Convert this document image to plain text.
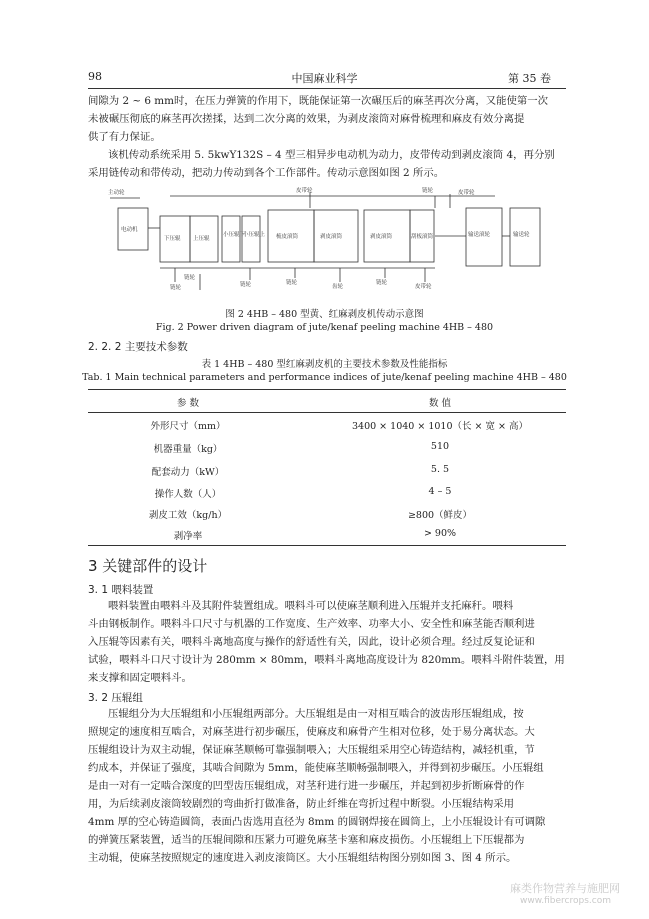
98	中国麻业科学	第 35 卷
间隙为 2 ~ 6 mm时，在压力弹簧的作用下，既能保证第一次碾压后的麻茎再次分离，又能使第一次
未被碾压彻底的麻茎再次搓揉，达到二次分离的效果，为剥皮滚筒对麻骨梳理和麻皮有效分离提
供了有力保证。
该机传动系统采用 5. 5kwY132S – 4 型三相异步电动机为动力，皮带传动到剥皮滚筒 4，再分别
采用链传动和带传动，把动力传动到各个工作部件。传动示意图如图 2 所示。
主动轮
电动机
下压辊 上压辊
小压辊下
小压辊上 梳皮滚筒	剥皮滚筒	剥皮滚筒	刮板滚筒	输送滚轮	输送轮
皮带轮	链轮	皮带轮
链轮
链轮
链轮	链轮
齿轮
链轮
皮带轮
图 2 4HB – 480 型黄、红麻剥皮机传动示意图
Fig. 2 Power driven diagram of jute/kenaf peeling machine 4HB – 480
2. 2. 2 主要技术参数
表 1 4HB – 480 型红麻剥皮机的主要技术参数及性能指标
Tab. 1 Main technical parameters and performance indices of jute/kenaf peeling machine 4HB – 480
参 数	数 值
外形尺寸（mm）	3400 × 1040 × 1010（长 × 宽 × 高）
机器重量（kg）	510
配套动力（kW）	5. 5
操作人数（人）	4 – 5
剥皮工效（kg/h）	≥800（鲜皮）
剥净率	> 90%
3 关键部件的设计
3. 1 喂料装置
喂料装置由喂料斗及其附件装置组成。喂料斗可以使麻茎顺利进入压辊并支托麻秆。喂料
斗由钢板制作。喂料斗口尺寸与机器的工作宽度、生产效率、功率大小、安全性和麻茎能否顺利进
入压辊等因素有关，喂料斗离地高度与操作的舒适性有关，因此，设计必须合理。经过反复论证和
试验，喂料斗口尺寸设计为 280mm × 80mm，喂料斗离地高度设计为 820mm。喂料斗附件装置，用
来支撑和固定喂料斗。
3. 2 压辊组
压辊组分为大压辊组和小压辊组两部分。大压辊组是由一对相互啮合的波齿形压辊组成，按
照规定的速度相互啮合，对麻茎进行初步碾压，使麻皮和麻骨产生相对位移，处于易分离状态。大
压辊组设计为双主动辊，保证麻茎顺畅可靠强制喂入；大压辊组采用空心铸造结构，减轻机重，节
约成本，并保证了强度，其啮合间隙为 5mm，能使麻茎顺畅强制喂入，并得到初步碾压。小压辊组
是由一对有一定啮合深度的凹型齿压辊组成，对茎秆进行进一步碾压，并起到初步折断麻骨的作
用，为后续剥皮滚筒较剧烈的弯曲折打做准备，防止纤维在弯折过程中断裂。小压辊结构采用
4mm 厚的空心铸造圆筒，表面凸齿选用直径为 8mm 的圆钢焊接在圆筒上，上小压辊设计有可调隙
的弹簧压紧装置，适当的压辊间隙和压紧力可避免麻茎卡塞和麻皮损伤。小压辊组上下压辊都为
主动辊，使麻茎按照规定的速度进入剥皮滚筒区。大小压辊组结构图分别如图 3、图 4 所示。
麻类作物营养与施肥网
www.fibercrops.com
